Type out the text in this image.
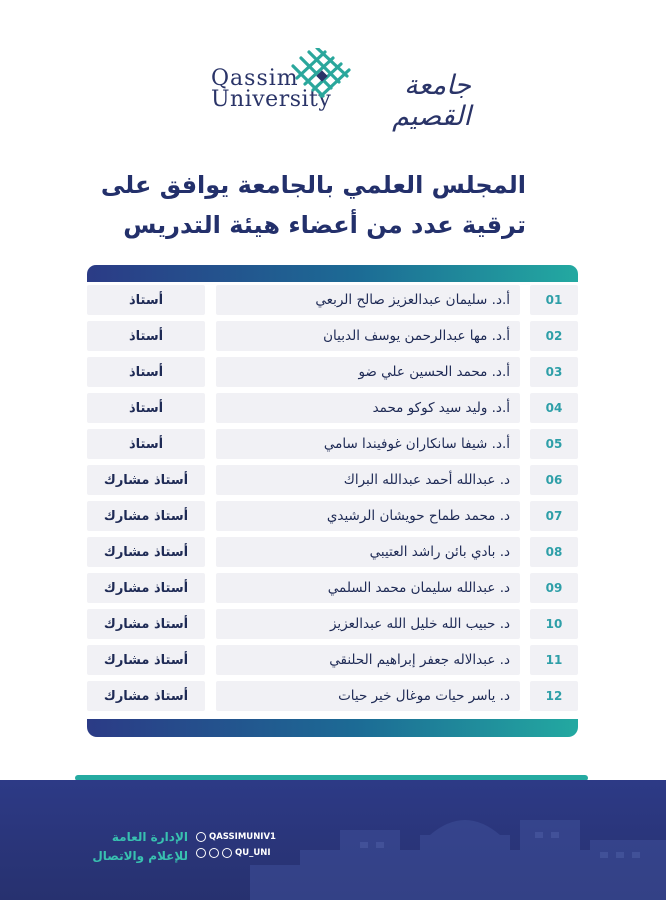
Qassim
University	جامعة القصيم
المجلس العلمي بالجامعة يوافق على
ترقية عدد من أعضاء هيئة التدريس
أستاذ	أ.د. سليمان عبدالعزيز صالح الربعي	01
أستاذ	أ.د. مها عبدالرحمن يوسف الدبيان	02
أستاذ	أ.د. محمد الحسين علي ضو	03
أستاذ	أ.د. وليد سيد كوكو محمد	04
أستاذ	أ.د. شيفا سانكاران غوفيندا سامي	05
أستاذ مشارك	د. عبدالله أحمد عبدالله البراك	06
أستاذ مشارك	د. محمد طماح حويشان الرشيدي	07
أستاذ مشارك	د. بادي بائن راشد العتيبي	08
أستاذ مشارك	د. عبدالله سليمان محمد السلمي	09
أستاذ مشارك	د. حبيب الله خليل الله عبدالعزيز	10
أستاذ مشارك	د. عبدالاله جعفر إبراهيم الحلنقي	11
أستاذ مشارك	د. ياسر حيات موغال خير حيات	12
الإدارة العامة
للإعلام والاتصال
QASSIMUNIV1
QU_UNI
